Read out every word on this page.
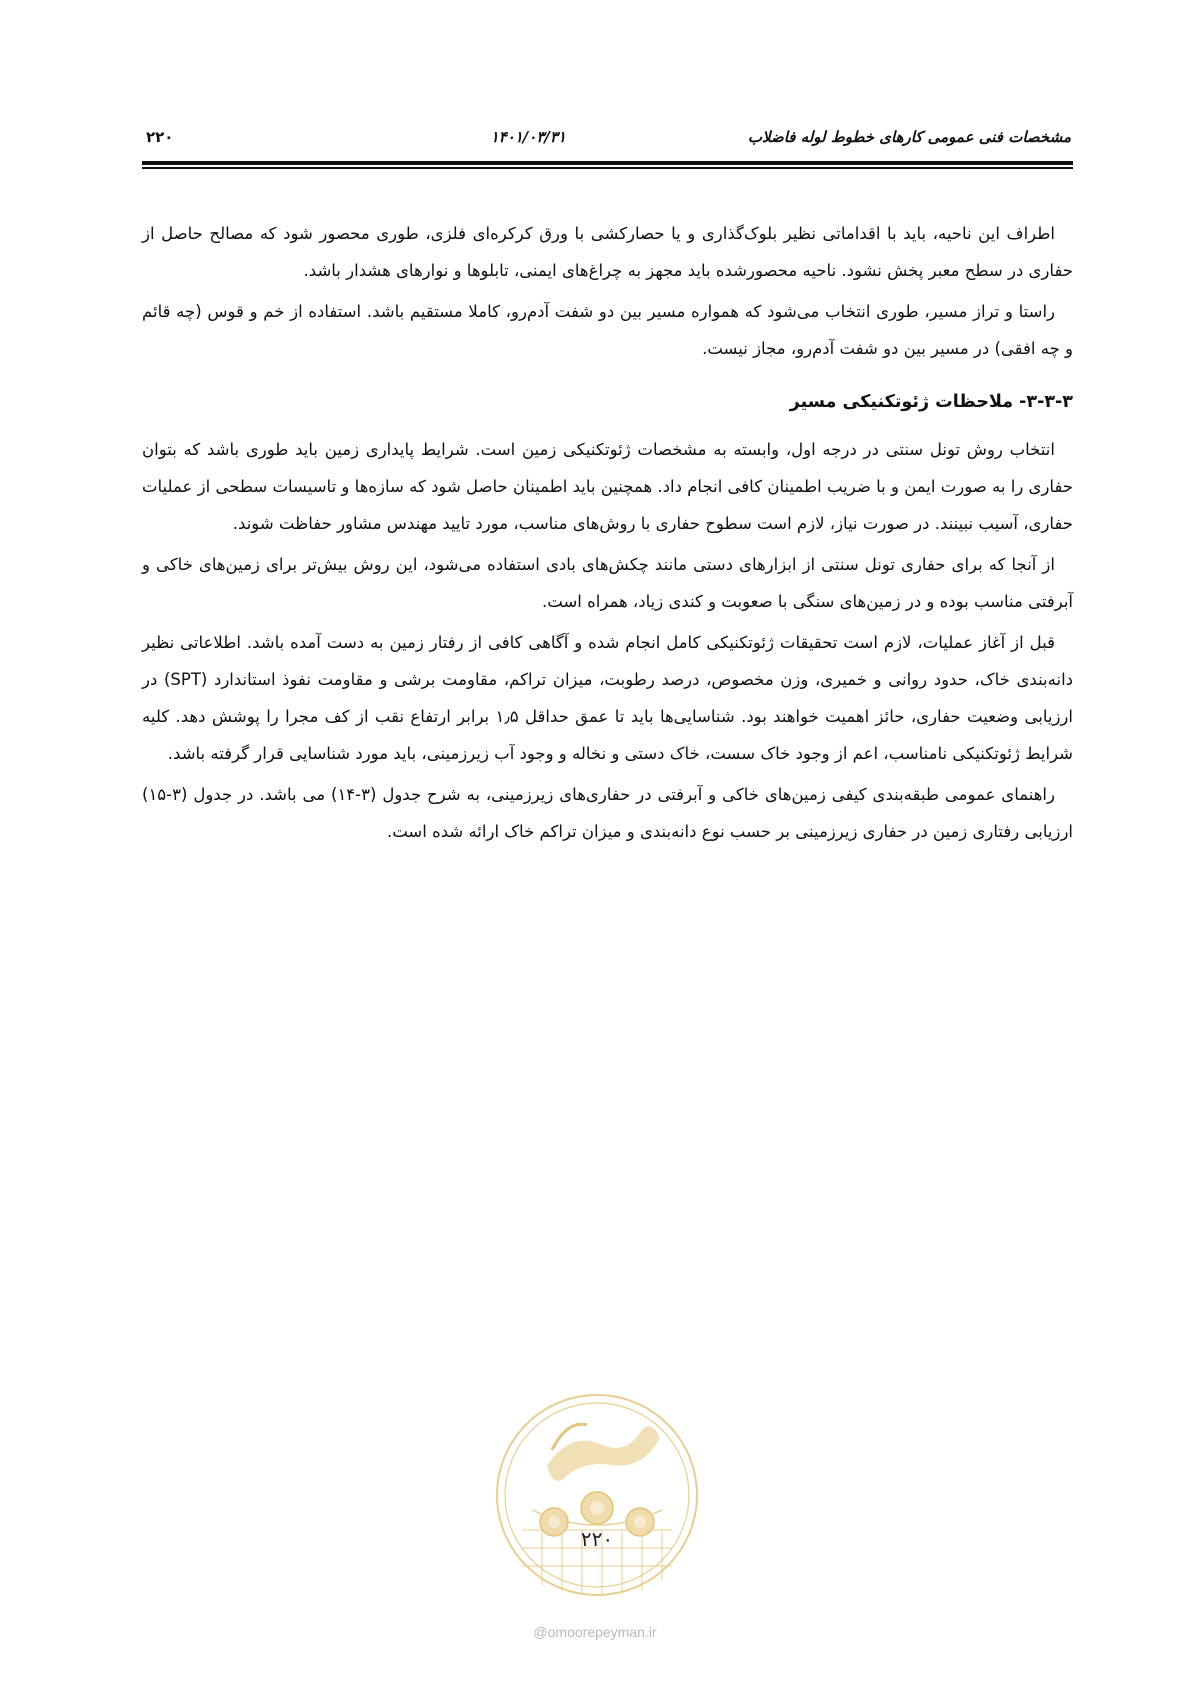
مشخصات فنی عمومی کارهای خطوط لوله فاضلاب
۱۴۰۱/۰۳/۳۱
۲۲۰

اطراف این ناحیه، باید با اقداماتی نظیر بلوک‌گذاری و یا حصارکشی با ورق کرکره‌ای فلزی، طوری محصور شود که مصالح حاصل از حفاری در سطح معبر پخش نشود. ناحیه محصورشده باید مجهز به چراغ‌های ایمنی، تابلوها و نوارهای هشدار باشد.

راستا و تراز مسیر، طوری انتخاب می‌شود که همواره مسیر بین دو شفت آدم‌رو، کاملا مستقیم باشد. استفاده از خم و قوس (چه قائم و چه افقی) در مسیر بین دو شفت آدم‌رو، مجاز نیست.

۳-۳-۳- ملاحظات ژئوتکنیکی مسیر

انتخاب روش تونل سنتی در درجه اول، وابسته به مشخصات ژئوتکنیکی زمین است. شرایط پایداری زمین باید طوری باشد که بتوان حفاری را به صورت ایمن و با ضریب اطمینان کافی انجام داد. همچنین باید اطمینان حاصل شود که سازه‌ها و تاسیسات سطحی از عملیات حفاری، آسیب نبینند. در صورت نیاز، لازم است سطوح حفاری با روش‌های مناسب، مورد تایید مهندس مشاور حفاظت شوند.

از آنجا که برای حفاری تونل سنتی از ابزارهای دستی مانند چکش‌های بادی استفاده می‌شود، این روش بیش‌تر برای زمین‌های خاکی و آبرفتی مناسب بوده و در زمین‌های سنگی با صعوبت و کندی زیاد، همراه است.

قبل از آغاز عملیات، لازم است تحقیقات ژئوتکنیکی کامل انجام شده و آگاهی کافی از رفتار زمین به دست آمده باشد. اطلاعاتی نظیر دانه‌بندی خاک، حدود روانی و خمیری، وزن مخصوص، درصد رطوبت، میزان تراکم، مقاومت برشی و مقاومت نفوذ استاندارد (SPT) در ارزیابی وضعیت حفاری، حائز اهمیت خواهند بود. شناسایی‌ها باید تا عمق حداقل ۱٫۵ برابر ارتفاع نقب از کف مجرا را پوشش دهد. کلیه شرایط ژئوتکنیکی نامناسب، اعم از وجود خاک سست، خاک دستی و نخاله و وجود آب زیرزمینی، باید مورد شناسایی قرار گرفته باشد.

راهنمای عمومی طبقه‌بندی کیفی زمین‌های خاکی و آبرفتی در حفاری‌های زیرزمینی، به شرح جدول (۳-۱۴) می باشد. در جدول (۳-۱۵) ارزیابی رفتاری زمین در حفاری زیرزمینی بر حسب نوع دانه‌بندی و میزان تراکم خاک ارائه شده است.

۲۲۰
@omoorepeyman.ir
